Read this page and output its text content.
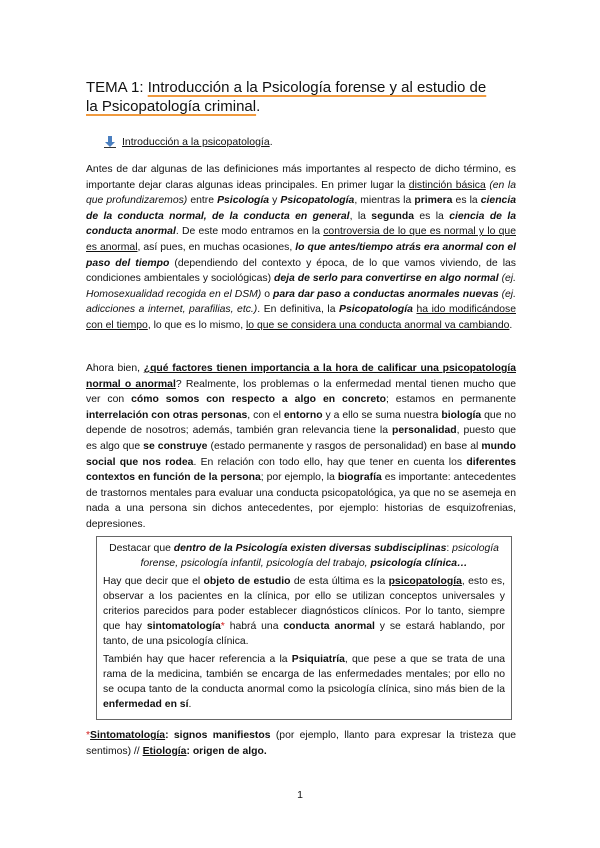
TEMA 1: Introducción a la Psicología forense y al estudio de
la Psicopatología criminal.
Introducción a la psicopatología.

Antes de dar algunas de las definiciones más importantes al respecto de dicho término, es importante dejar claras algunas ideas principales. En primer lugar la distinción básica (en la que profundizaremos) entre Psicología y Psicopatología, mientras la primera es la ciencia de la conducta normal, de la conducta en general, la segunda es la ciencia de la conducta anormal. De este modo entramos en la controversia de lo que es normal y lo que es anormal, así pues, en muchas ocasiones, lo que antes/tiempo atrás era anormal con el paso del tiempo (dependiendo del contexto y época, de lo que vamos viviendo, de las condiciones ambientales y sociológicas) deja de serlo para convertirse en algo normal (ej. Homosexualidad recogida en el DSM) o para dar paso a conductas anormales nuevas (ej. adicciones a internet, parafilias, etc.). En definitiva, la Psicopatología ha ido modificándose con el tiempo, lo que es lo mismo, lo que se considera una conducta anormal va cambiando.

Ahora bien, ¿qué factores tienen importancia a la hora de calificar una psicopatología normal o anormal? Realmente, los problemas o la enfermedad mental tienen mucho que ver con cómo somos con respecto a algo en concreto; estamos en permanente interrelación con otras personas, con el entorno y a ello se suma nuestra biología que no depende de nosotros; además, también gran relevancia tiene la personalidad, puesto que es algo que se construye (estado permanente y rasgos de personalidad) en base al mundo social que nos rodea. En relación con todo ello, hay que tener en cuenta los diferentes contextos en función de la persona; por ejemplo, la biografía es importante: antecedentes de trastornos mentales para evaluar una conducta psicopatológica, ya que no se asemeja en nada a una persona sin dichos antecedentes, por ejemplo: historias de esquizofrenias, depresiones.

Destacar que dentro de la Psicología existen diversas subdisciplinas: psicología forense, psicología infantil, psicología del trabajo, psicología clínica…

Hay que decir que el objeto de estudio de esta última es la psicopatología, esto es, observar a los pacientes en la clínica, por ello se utilizan conceptos universales y criterios parecidos para poder establecer diagnósticos clínicos. Por lo tanto, siempre que hay sintomatología* habrá una conducta anormal y se estará hablando, por tanto, de una psicología clínica.

También hay que hacer referencia a la Psiquiatría, que pese a que se trata de una rama de la medicina, también se encarga de las enfermedades mentales; por ello no se ocupa tanto de la conducta anormal como la psicología clínica, sino más bien de la enfermedad en sí.

*Sintomatología: signos manifiestos (por ejemplo, llanto para expresar la tristeza que sentimos) // Etiología: origen de algo.

1
